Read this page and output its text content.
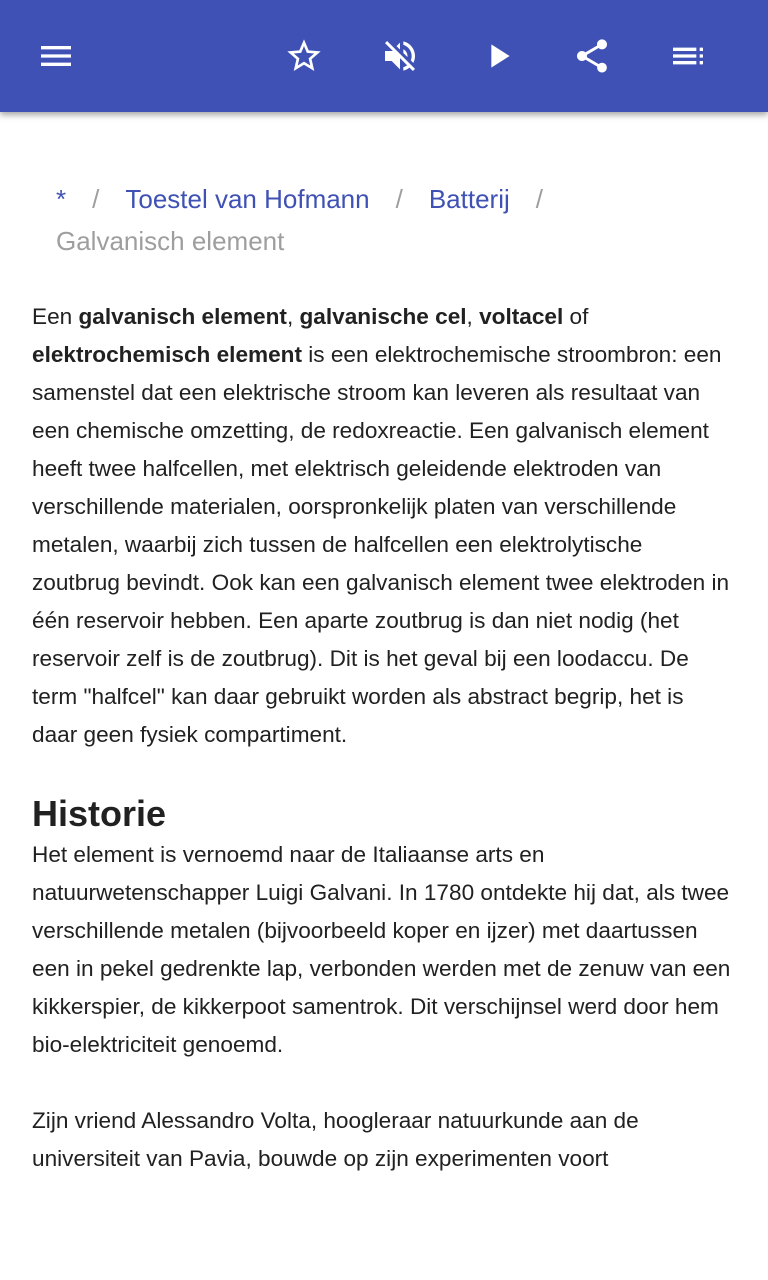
* / Toestel van Hofmann / Batterij /
Galvanisch element

Een galvanisch element, galvanische cel, voltacel of elektrochemisch element is een elektrochemische stroombron: een samenstel dat een elektrische stroom kan leveren als resultaat van een chemische omzetting, de redoxreactie. Een galvanisch element heeft twee halfcellen, met elektrisch geleidende elektroden van verschillende materialen, oorspronkelijk platen van verschillende metalen, waarbij zich tussen de halfcellen een elektrolytische zoutbrug bevindt. Ook kan een galvanisch element twee elektroden in één reservoir hebben. Een aparte zoutbrug is dan niet nodig (het reservoir zelf is de zoutbrug). Dit is het geval bij een loodaccu. De term "halfcel" kan daar gebruikt worden als abstract begrip, het is daar geen fysiek compartiment.

Historie

Het element is vernoemd naar de Italiaanse arts en natuurwetenschapper Luigi Galvani. In 1780 ontdekte hij dat, als twee verschillende metalen (bijvoorbeeld koper en ijzer) met daartussen een in pekel gedrenkte lap, verbonden werden met de zenuw van een kikkerspier, de kikkerpoot samentrok. Dit verschijnsel werd door hem bio-elektriciteit genoemd.

Zijn vriend Alessandro Volta, hoogleraar natuurkunde aan de universiteit van Pavia, bouwde op zijn experimenten voort
